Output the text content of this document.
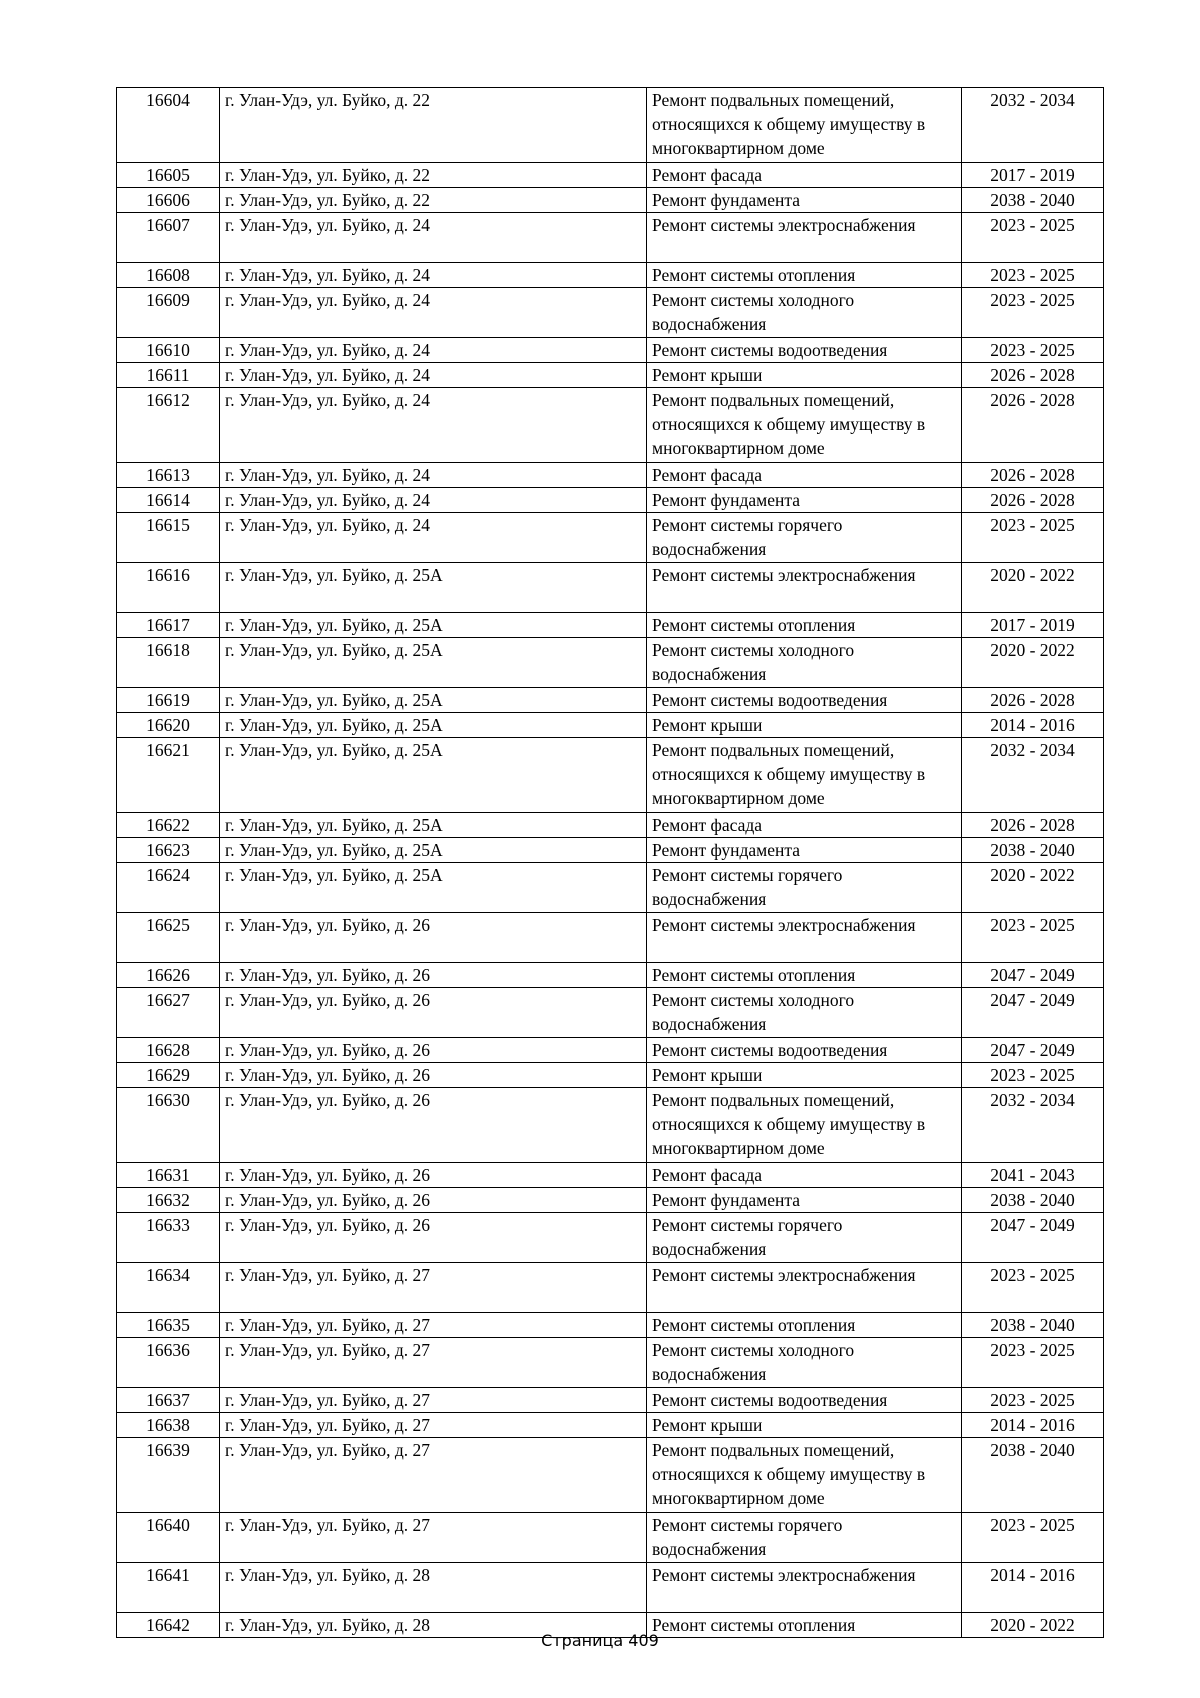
16604	г. Улан-Удэ, ул. Буйко, д. 22	Ремонт подвальных помещений, относящихся к общему имуществу в многоквартирном доме	2032 - 2034
16605	г. Улан-Удэ, ул. Буйко, д. 22	Ремонт фасада	2017 - 2019
16606	г. Улан-Удэ, ул. Буйко, д. 22	Ремонт фундамента	2038 - 2040
16607	г. Улан-Удэ, ул. Буйко, д. 24	Ремонт системы электроснабжения	2023 - 2025
16608	г. Улан-Удэ, ул. Буйко, д. 24	Ремонт системы отопления	2023 - 2025
16609	г. Улан-Удэ, ул. Буйко, д. 24	Ремонт системы холодного водоснабжения	2023 - 2025
16610	г. Улан-Удэ, ул. Буйко, д. 24	Ремонт системы водоотведения	2023 - 2025
16611	г. Улан-Удэ, ул. Буйко, д. 24	Ремонт крыши	2026 - 2028
16612	г. Улан-Удэ, ул. Буйко, д. 24	Ремонт подвальных помещений, относящихся к общему имуществу в многоквартирном доме	2026 - 2028
16613	г. Улан-Удэ, ул. Буйко, д. 24	Ремонт фасада	2026 - 2028
16614	г. Улан-Удэ, ул. Буйко, д. 24	Ремонт фундамента	2026 - 2028
16615	г. Улан-Удэ, ул. Буйко, д. 24	Ремонт системы горячего водоснабжения	2023 - 2025
16616	г. Улан-Удэ, ул. Буйко, д. 25А	Ремонт системы электроснабжения	2020 - 2022
16617	г. Улан-Удэ, ул. Буйко, д. 25А	Ремонт системы отопления	2017 - 2019
16618	г. Улан-Удэ, ул. Буйко, д. 25А	Ремонт системы холодного водоснабжения	2020 - 2022
16619	г. Улан-Удэ, ул. Буйко, д. 25А	Ремонт системы водоотведения	2026 - 2028
16620	г. Улан-Удэ, ул. Буйко, д. 25А	Ремонт крыши	2014 - 2016
16621	г. Улан-Удэ, ул. Буйко, д. 25А	Ремонт подвальных помещений, относящихся к общему имуществу в многоквартирном доме	2032 - 2034
16622	г. Улан-Удэ, ул. Буйко, д. 25А	Ремонт фасада	2026 - 2028
16623	г. Улан-Удэ, ул. Буйко, д. 25А	Ремонт фундамента	2038 - 2040
16624	г. Улан-Удэ, ул. Буйко, д. 25А	Ремонт системы горячего водоснабжения	2020 - 2022
16625	г. Улан-Удэ, ул. Буйко, д. 26	Ремонт системы электроснабжения	2023 - 2025
16626	г. Улан-Удэ, ул. Буйко, д. 26	Ремонт системы отопления	2047 - 2049
16627	г. Улан-Удэ, ул. Буйко, д. 26	Ремонт системы холодного водоснабжения	2047 - 2049
16628	г. Улан-Удэ, ул. Буйко, д. 26	Ремонт системы водоотведения	2047 - 2049
16629	г. Улан-Удэ, ул. Буйко, д. 26	Ремонт крыши	2023 - 2025
16630	г. Улан-Удэ, ул. Буйко, д. 26	Ремонт подвальных помещений, относящихся к общему имуществу в многоквартирном доме	2032 - 2034
16631	г. Улан-Удэ, ул. Буйко, д. 26	Ремонт фасада	2041 - 2043
16632	г. Улан-Удэ, ул. Буйко, д. 26	Ремонт фундамента	2038 - 2040
16633	г. Улан-Удэ, ул. Буйко, д. 26	Ремонт системы горячего водоснабжения	2047 - 2049
16634	г. Улан-Удэ, ул. Буйко, д. 27	Ремонт системы электроснабжения	2023 - 2025
16635	г. Улан-Удэ, ул. Буйко, д. 27	Ремонт системы отопления	2038 - 2040
16636	г. Улан-Удэ, ул. Буйко, д. 27	Ремонт системы холодного водоснабжения	2023 - 2025
16637	г. Улан-Удэ, ул. Буйко, д. 27	Ремонт системы водоотведения	2023 - 2025
16638	г. Улан-Удэ, ул. Буйко, д. 27	Ремонт крыши	2014 - 2016
16639	г. Улан-Удэ, ул. Буйко, д. 27	Ремонт подвальных помещений, относящихся к общему имуществу в многоквартирном доме	2038 - 2040
16640	г. Улан-Удэ, ул. Буйко, д. 27	Ремонт системы горячего водоснабжения	2023 - 2025
16641	г. Улан-Удэ, ул. Буйко, д. 28	Ремонт системы электроснабжения	2014 - 2016
16642	г. Улан-Удэ, ул. Буйко, д. 28	Ремонт системы отопления	2020 - 2022
Страница 409
